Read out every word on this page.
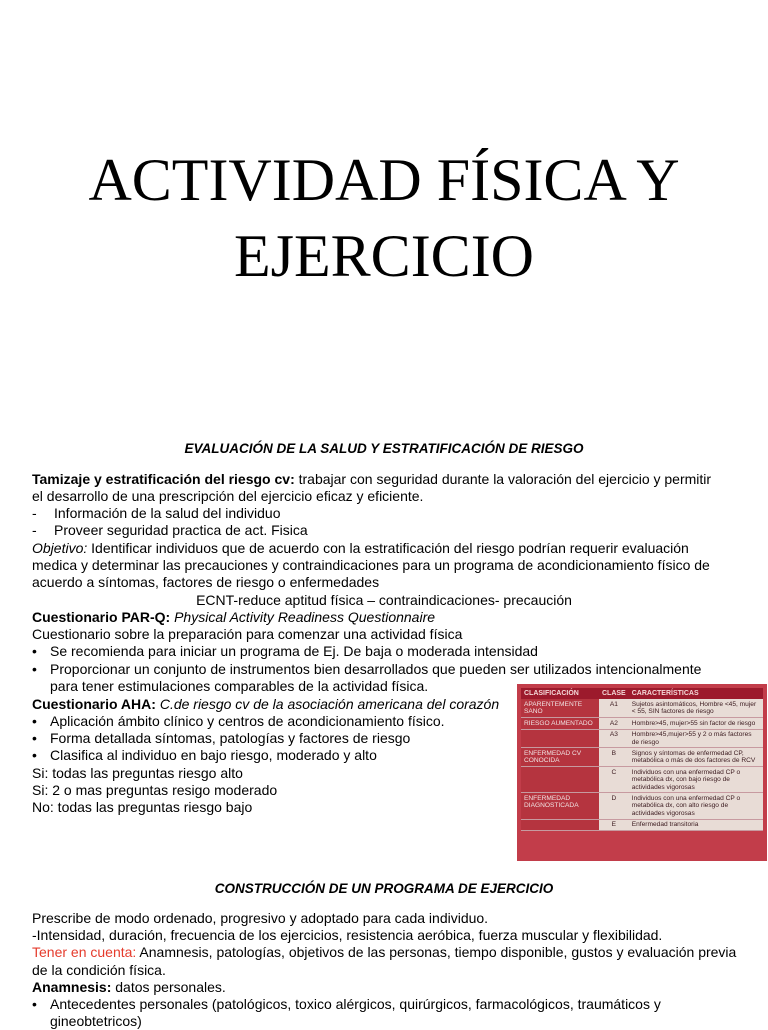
ACTIVIDAD FÍSICA Y
EJERCICIO
EVALUACIÓN DE LA SALUD Y ESTRATIFICACIÓN DE RIESGO
Tamizaje y estratificación del riesgo cv: trabajar con seguridad durante la valoración del ejercicio y permitir
el desarrollo de una prescripción del ejercicio eficaz y eficiente.
- Información de la salud del individuo
- Proveer seguridad practica de act. Fisica
Objetivo: Identificar individuos que de acuerdo con la estratificación del riesgo podrían requerir evaluación
medica y determinar las precauciones y contraindicaciones para un programa de acondicionamiento físico de
acuerdo a síntomas, factores de riesgo o enfermedades
ECNT-reduce aptitud física – contraindicaciones- precaución
Cuestionario PAR-Q: Physical Activity Readiness Questionnaire
Cuestionario sobre la preparación para comenzar una actividad física
• Se recomienda para iniciar un programa de Ej. De baja o moderada intensidad
• Proporcionar un conjunto de instrumentos bien desarrollados que pueden ser utilizados intencionalmente
para tener estimulaciones comparables de la actividad física.
Cuestionario AHA: C.de riesgo cv de la asociación americana del corazón
• Aplicación ámbito clínico y centros de acondicionamiento físico.
• Forma detallada síntomas, patologías y factores de riesgo
• Clasifica al individuo en bajo riesgo, moderado y alto
Si: todas las preguntas riesgo alto
Si: 2 o mas preguntas resigo moderado
No: todas las preguntas riesgo bajo
CLASIFICACIÓN	CLASE	CARACTERÍSTICAS
APARENTEMENTE SANO	A1	Sujetos asintomáticos, Hombre <45, mujer < 55, SIN factores de riesgo
RIESGO AUMENTADO	A2	Hombre>45, mujer>55 sin factor de riesgo
	A3	Hombre>45,mujer>55 y 2 o más factores de riesgo
ENFERMEDAD CV CONOCIDA	B	Signos y síntomas de enfermedad CP, metabólica o más de dos factores de RCV
	C	Individuos con una enfermedad CP o metabólica dx, con bajo riesgo de actividades vigorosas
ENFERMEDAD DIAGNOSTICADA	D	Individuos con una enfermedad CP o metabólica dx, con alto riesgo de actividades vigorosas
	E	Enfermedad transitoria
CONSTRUCCIÓN DE UN PROGRAMA DE EJERCICIO
Prescribe de modo ordenado, progresivo y adoptado para cada individuo.
-Intensidad, duración, frecuencia de los ejercicios, resistencia aeróbica, fuerza muscular y flexibilidad.
Tener en cuenta: Anamnesis, patologías, objetivos de las personas, tiempo disponible, gustos y evaluación previa
de la condición física.
Anamnesis: datos personales.
• Antecedentes personales (patológicos, toxico alérgicos, quirúrgicos, farmacológicos, traumáticos y
gineobtetricos)
